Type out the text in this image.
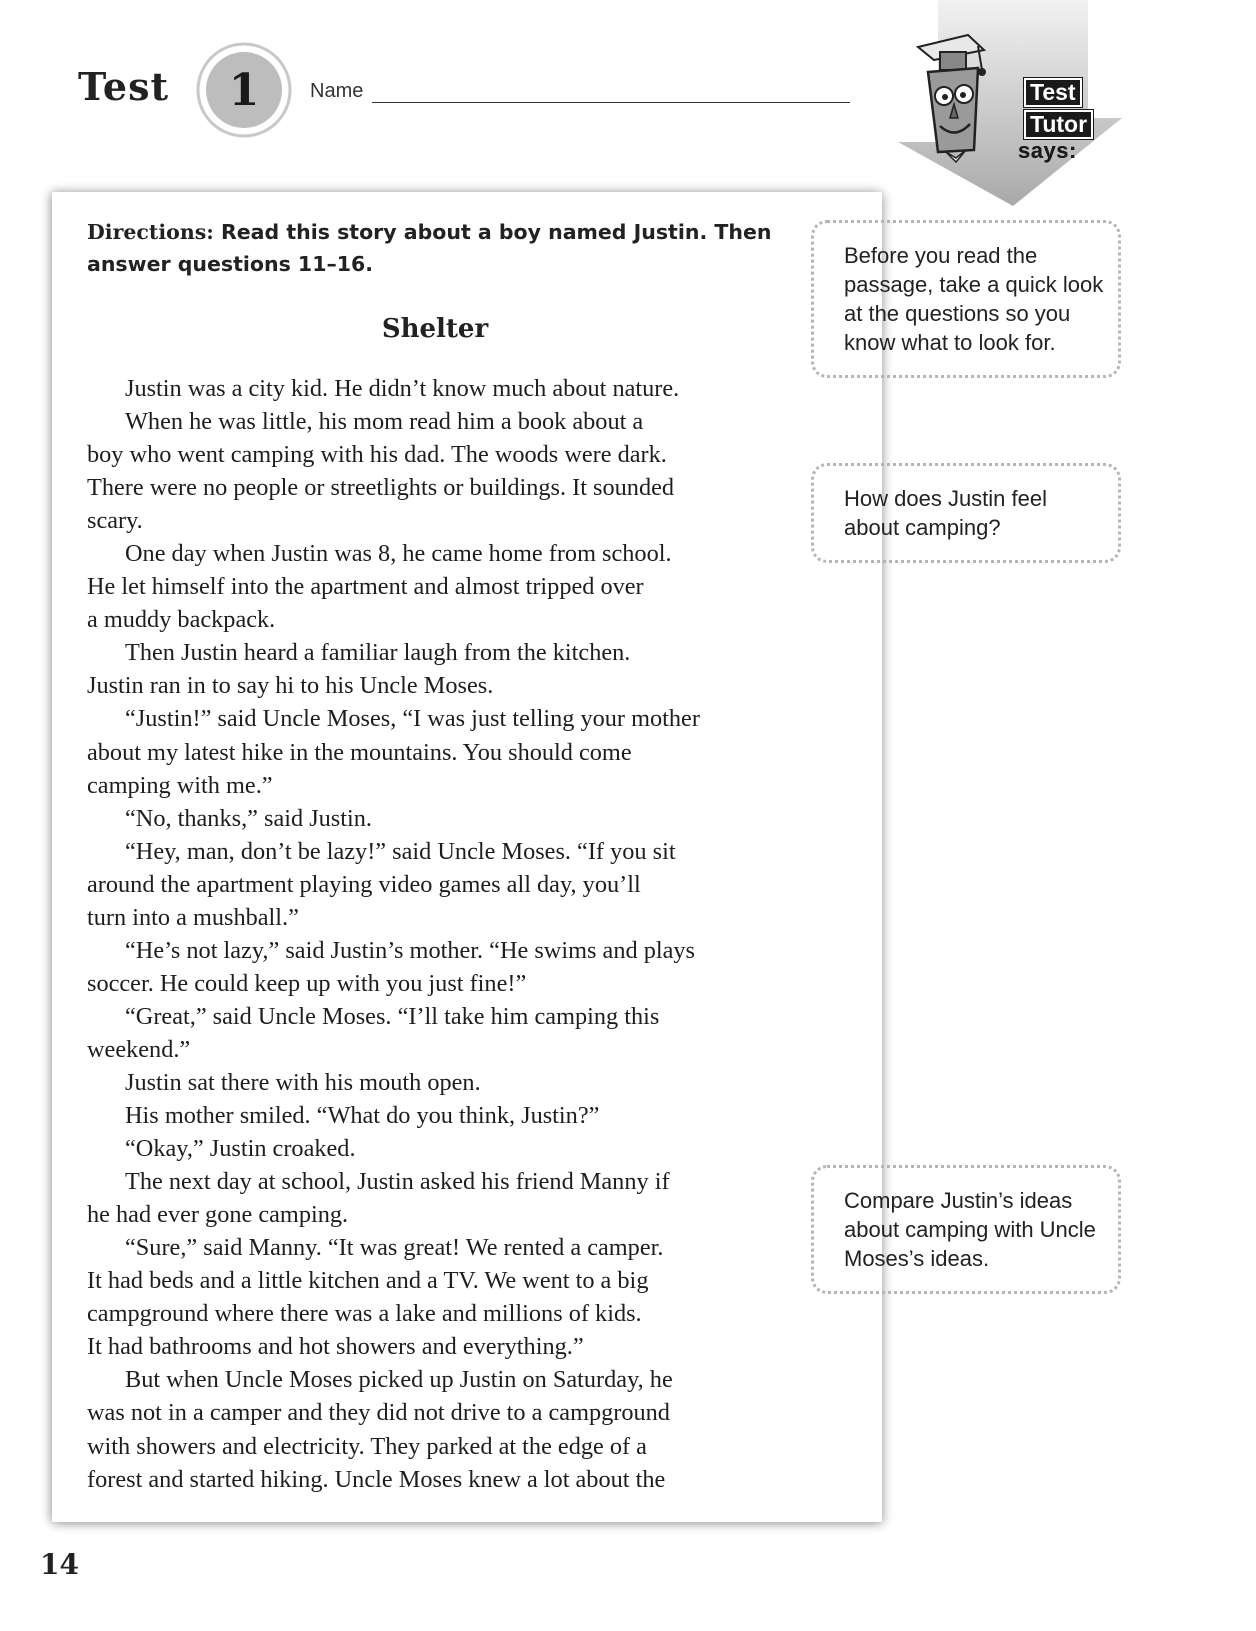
Test 1	Name	Test
Tutor
says:
Directions: Read this story about a boy named Justin. Then answer questions 11–16.
Shelter
Justin was a city kid. He didn’t know much about nature.
When he was little, his mom read him a book about a
boy who went camping with his dad. The woods were dark.
There were no people or streetlights or buildings. It sounded
scary.
One day when Justin was 8, he came home from school.
He let himself into the apartment and almost tripped over
a muddy backpack.
Then Justin heard a familiar laugh from the kitchen.
Justin ran in to say hi to his Uncle Moses.
“Justin!” said Uncle Moses, “I was just telling your mother
about my latest hike in the mountains. You should come
camping with me.”
“No, thanks,” said Justin.
“Hey, man, don’t be lazy!” said Uncle Moses. “If you sit
around the apartment playing video games all day, you’ll
turn into a mushball.”
“He’s not lazy,” said Justin’s mother. “He swims and plays
soccer. He could keep up with you just fine!”
“Great,” said Uncle Moses. “I’ll take him camping this
weekend.”
Justin sat there with his mouth open.
His mother smiled. “What do you think, Justin?”
“Okay,” Justin croaked.
The next day at school, Justin asked his friend Manny if
he had ever gone camping.
“Sure,” said Manny. “It was great! We rented a camper.
It had beds and a little kitchen and a TV. We went to a big
campground where there was a lake and millions of kids.
It had bathrooms and hot showers and everything.”
But when Uncle Moses picked up Justin on Saturday, he
was not in a camper and they did not drive to a campground
with showers and electricity. They parked at the edge of a
forest and started hiking. Uncle Moses knew a lot about the
Before you read the passage, take a quick look at the questions so you know what to look for.
How does Justin feel about camping?
Compare Justin’s ideas about camping with Uncle Moses’s ideas.
14
